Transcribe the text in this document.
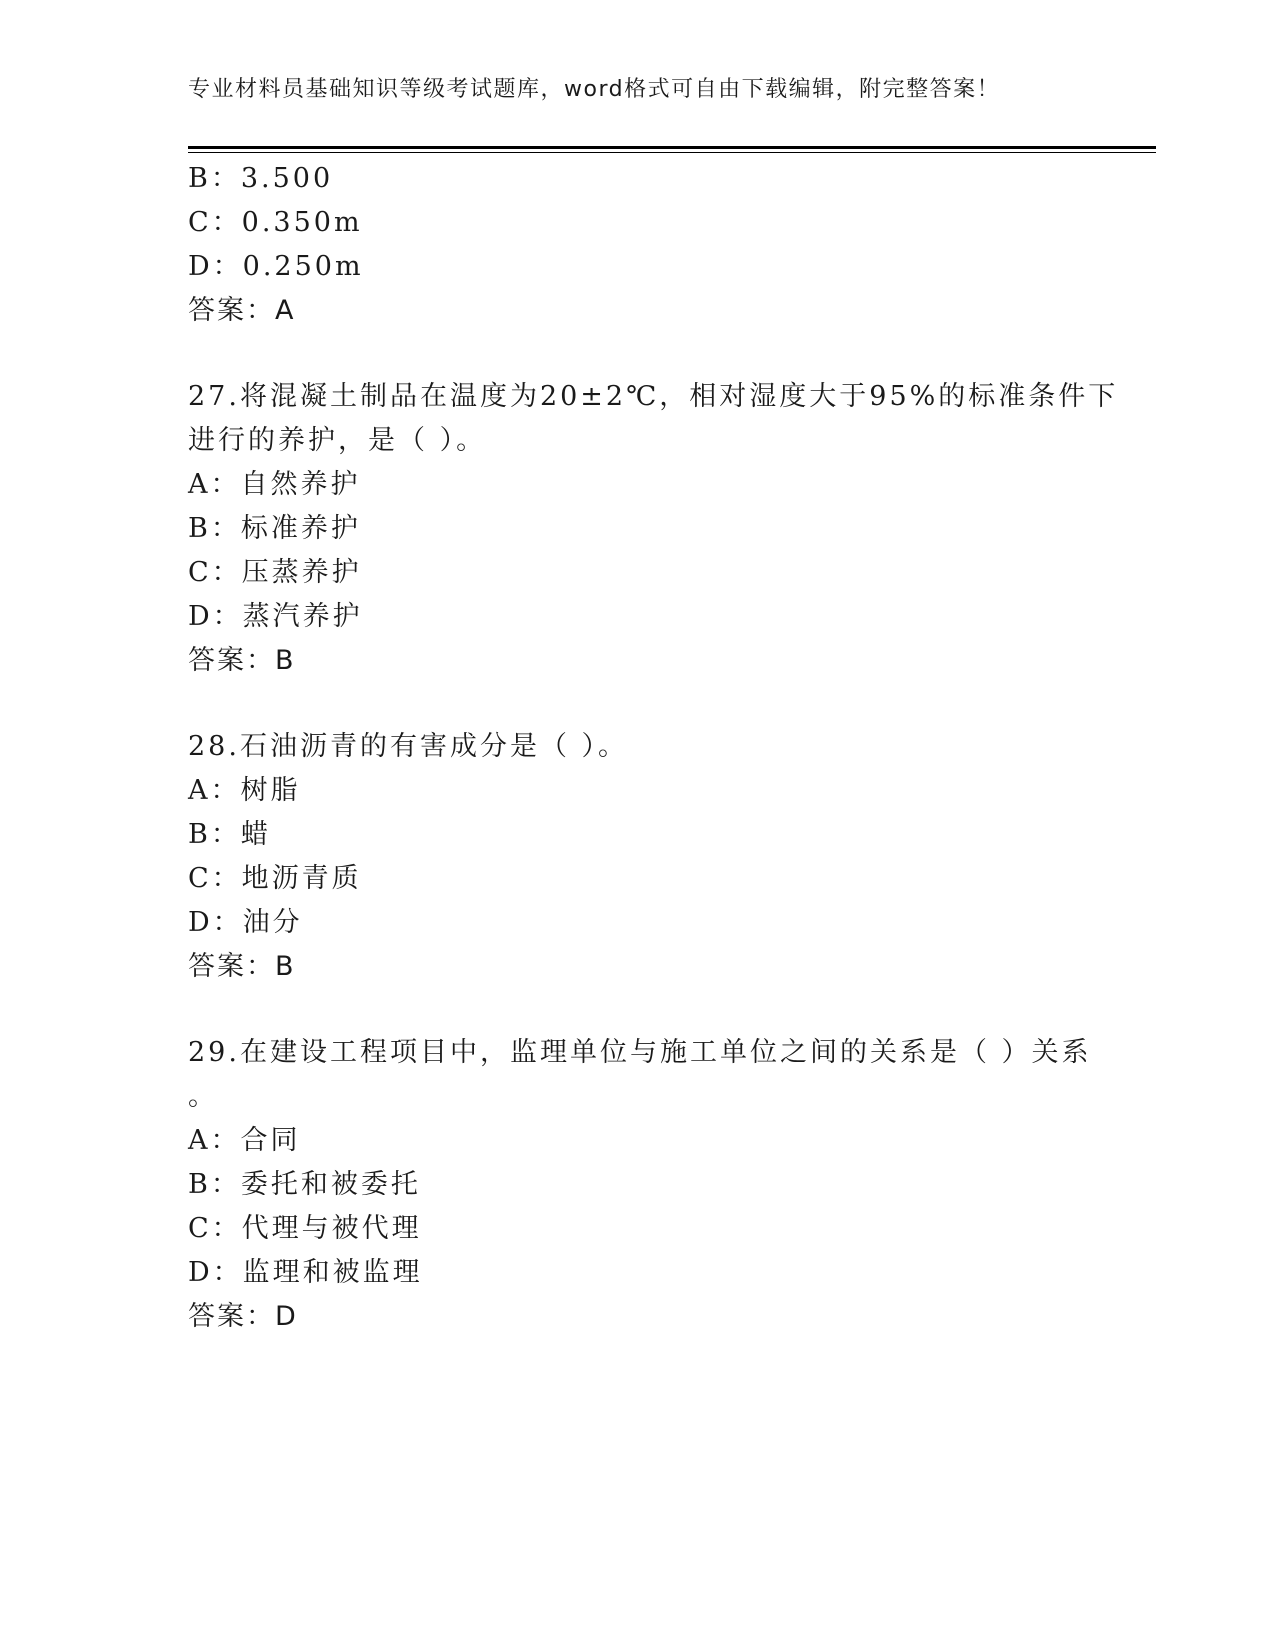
专业材料员基础知识等级考试题库，word格式可自由下载编辑，附完整答案！
B：3.500
C：0.350m
D：0.250m
答案：A
27.将混凝土制品在温度为20±2℃，相对湿度大于95%的标准条件下
进行的养护，是（ ）。
A：自然养护
B：标准养护
C：压蒸养护
D：蒸汽养护
答案：B
28.石油沥青的有害成分是（ ）。
A：树脂
B：蜡
C：地沥青质
D：油分
答案：B
29.在建设工程项目中，监理单位与施工单位之间的关系是（ ）关系
。
A：合同
B：委托和被委托
C：代理与被代理
D：监理和被监理
答案：D
